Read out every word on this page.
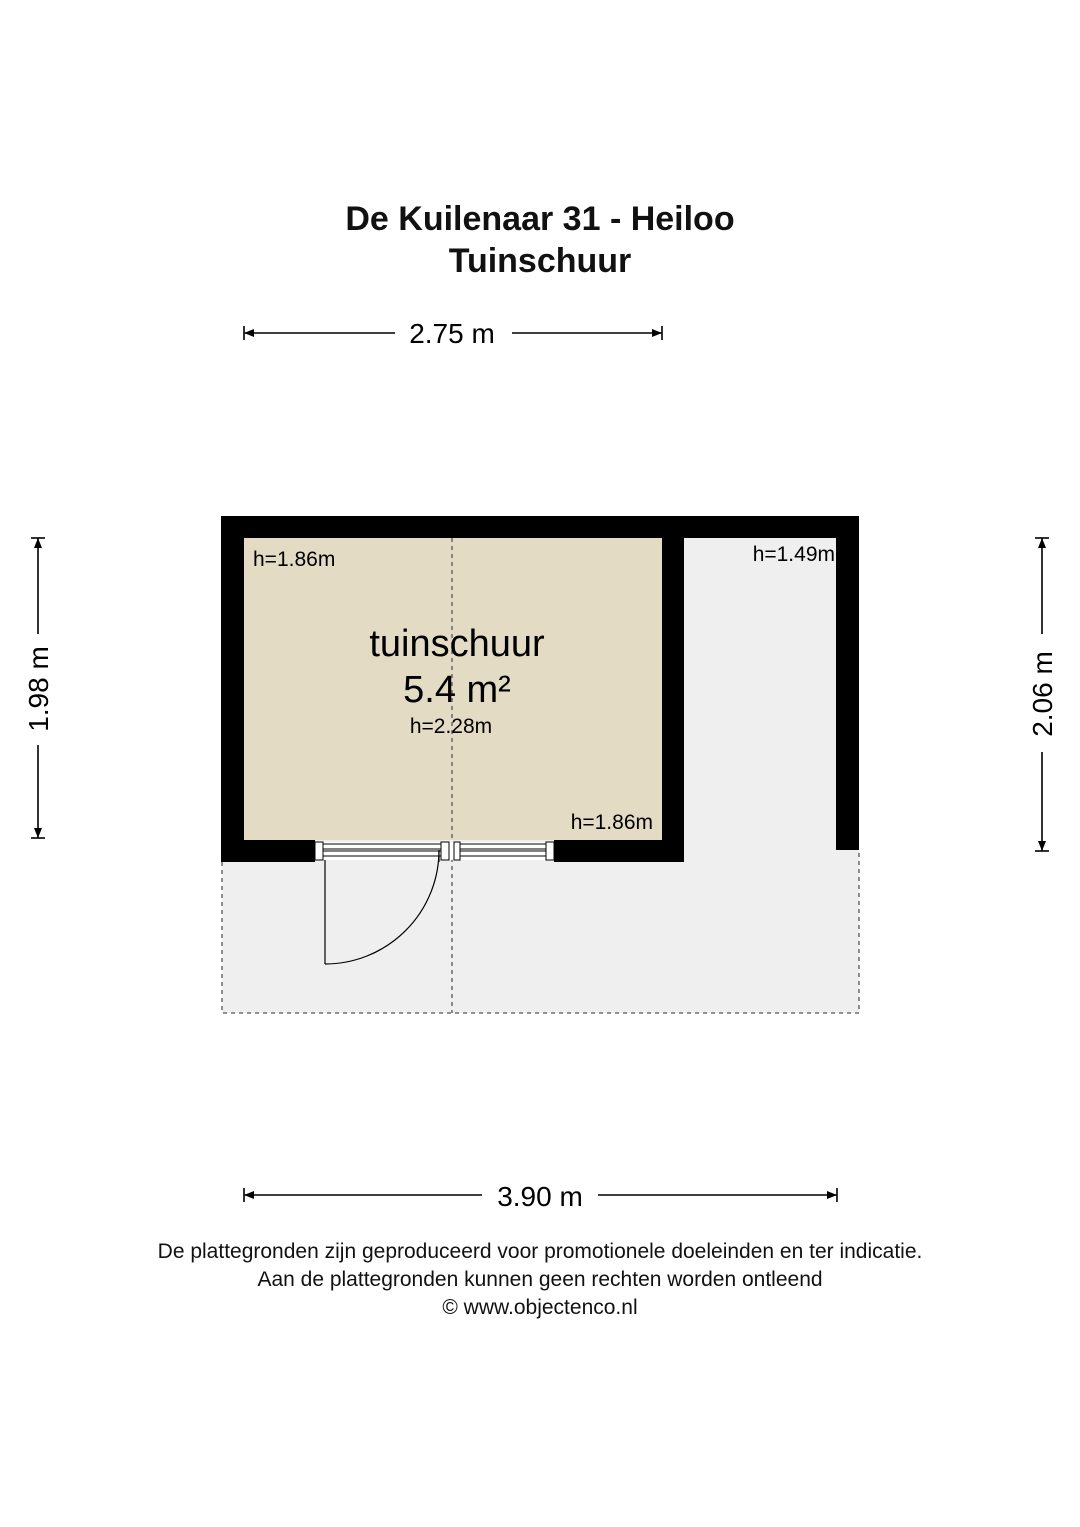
De Kuilenaar 31 - Heiloo
Tuinschuur
2.75 m
3.90 m
1.98 m	2.06 m
tuinschuur
5.4 m²
h=2.28m
h=1.86m
h=1.86m
h=1.49m
De plattegronden zijn geproduceerd voor promotionele doeleinden en ter indicatie.
Aan de plattegronden kunnen geen rechten worden ontleend
© www.objectenco.nl
